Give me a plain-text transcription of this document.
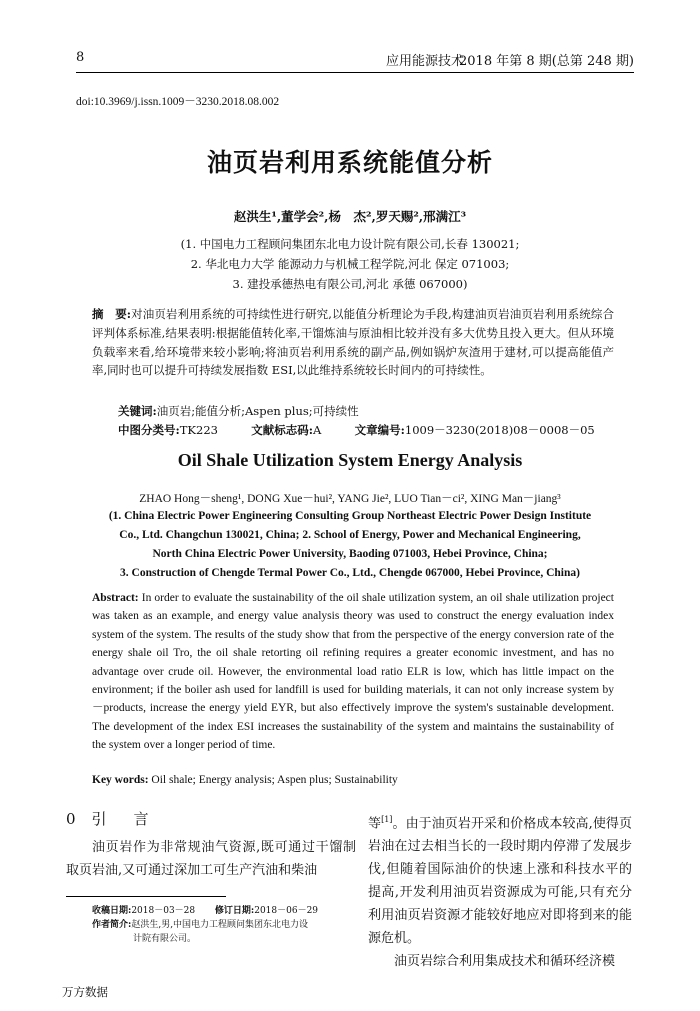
8	应用能源技术
2018 年第 8 期(总第 248 期)
doi:10.3969/j.issn.1009－3230.2018.08.002
油页岩利用系统能值分析
赵洪生¹,董学会²,杨　杰²,罗天赐²,邢满江³
(1. 中国电力工程顾问集团东北电力设计院有限公司,长春 130021;
2. 华北电力大学 能源动力与机械工程学院,河北 保定 071003;
3. 建投承德热电有限公司,河北 承德 067000)
摘　要:对油页岩利用系统的可持续性进行研究,以能值分析理论为手段,构建油页岩油页岩利用系统综合评判体系标准,结果表明:根据能值转化率,干馏炼油与原油相比较并没有多大优势且投入更大。但从环境负载率来看,给环境带来较小影响;将油页岩利用系统的副产品,例如锅炉灰渣用于建材,可以提高能值产率,同时也可以提升可持续发展指数 ESI,以此维持系统较长时间内的可持续性。
关键词:油页岩;能值分析;Aspen plus;可持续性
中图分类号:TK223	文献标志码:A	文章编号:1009－3230(2018)08－0008－05
Oil Shale Utilization System Energy Analysis
ZHAO Hong－sheng¹, DONG Xue－hui², YANG Jie², LUO Tian－ci², XING Man－jiang³
(1. China Electric Power Engineering Consulting Group Northeast Electric Power Design Institute
Co., Ltd. Changchun 130021, China; 2. School of Energy, Power and Mechanical Engineering,
North China Electric Power University, Baoding 071003, Hebei Province, China;
3. Construction of Chengde Termal Power Co., Ltd., Chengde 067000, Hebei Province, China)
Abstract: In order to evaluate the sustainability of the oil shale utilization system, an oil shale utilization project was taken as an example, and energy value analysis theory was used to construct the energy evaluation index system of the system. The results of the study show that from the perspective of the energy conversion rate of the energy shale oil Tro, the oil shale retorting oil refining requires a greater economic investment, and has no advantage over crude oil. However, the environmental load ratio ELR is low, which has little impact on the environment; if the boiler ash used for landfill is used for building materials, it can not only increase system by－products, increase the energy yield EYR, but also effectively improve the system's sustainable development. The development of the index ESI increases the sustainability of the system and maintains the sustainability of the system over a longer period of time.
Key words: Oil shale; Energy analysis; Aspen plus; Sustainability
0 引　言

油页岩作为非常规油气资源,既可通过干馏制取页岩油,又可通过深加工可生产汽油和柴油

等[1]。由于油页岩开采和价格成本较高,使得页岩油在过去相当长的一段时期内停滞了发展步伐,但随着国际油价的快速上涨和科技水平的提高,开发利用油页岩资源成为可能,只有充分利用油页岩资源才能较好地应对即将到来的能源危机。

油页岩综合利用集成技术和循环经济模

收稿日期:2018－03－28 修订日期:2018－06－29
作者简介:赵洪生,男,中国电力工程顾问集团东北电力设
计院有限公司。
万方数据
